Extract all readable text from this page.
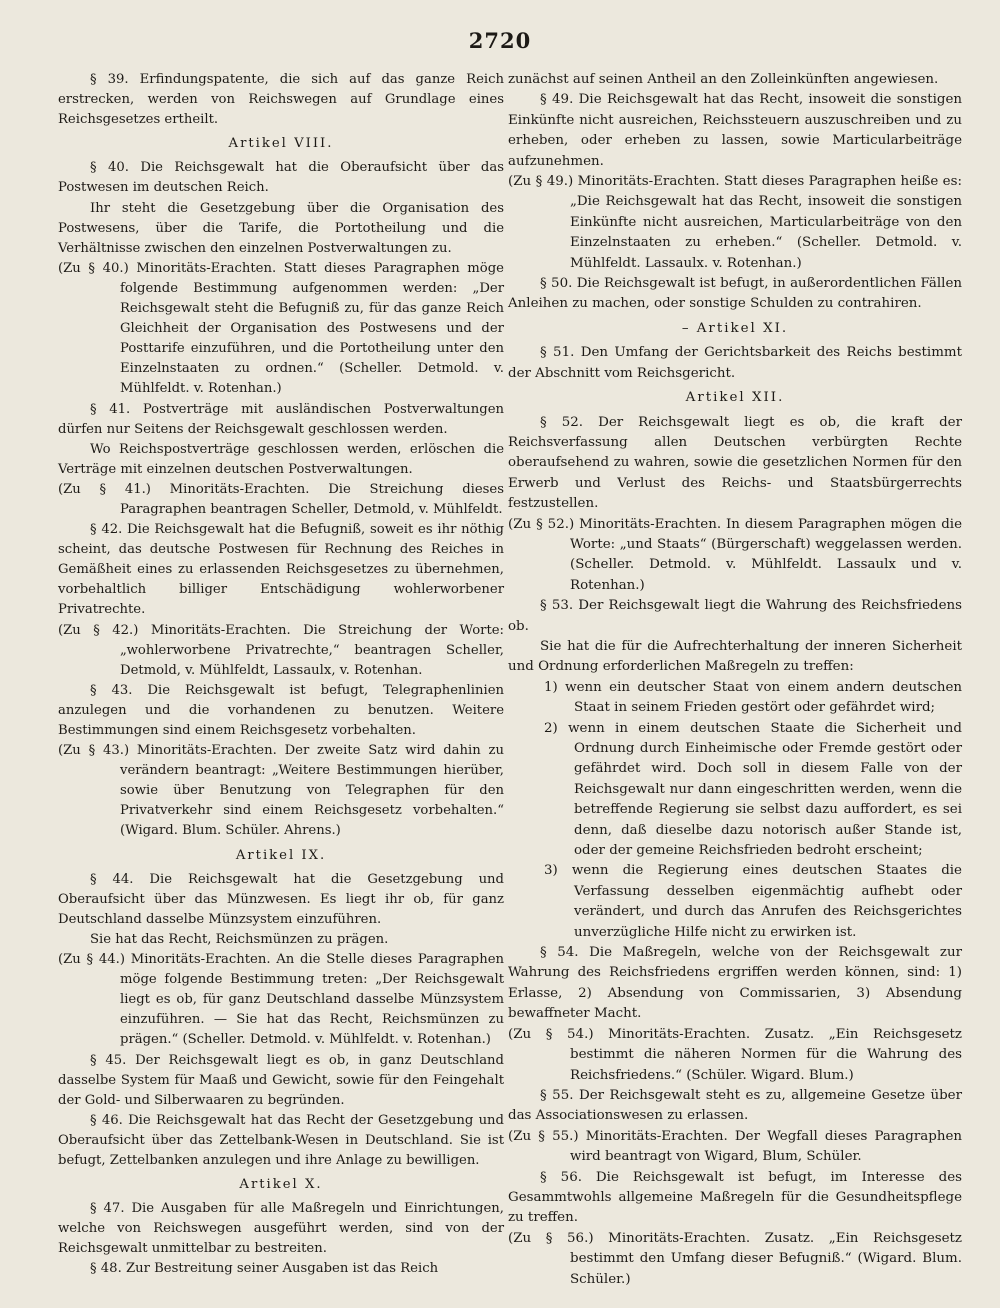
2720
§ 39. Erfindungspatente, die sich auf das ganze Reich erstrecken, werden von Reichswegen auf Grundlage eines Reichsgesetzes ertheilt.
Artikel VIII.
§ 40. Die Reichsgewalt hat die Oberaufsicht über das Postwesen im deutschen Reich.
Ihr steht die Gesetzgebung über die Organisation des Postwesens, über die Tarife, die Portotheilung und die Verhältnisse zwischen den einzelnen Postverwaltungen zu.
(Zu § 40.) Minoritäts-Erachten. Statt dieses Paragraphen möge folgende Bestimmung aufgenommen werden: „Der Reichsgewalt steht die Befugniß zu, für das ganze Reich Gleichheit der Organisation des Postwesens und der Posttarife einzuführen, und die Portotheilung unter den Einzelnstaaten zu ordnen.“ (Scheller. Detmold. v. Mühlfeldt. v. Rotenhan.)
§ 41. Postverträge mit ausländischen Postverwaltungen dürfen nur Seitens der Reichsgewalt geschlossen werden.
Wo Reichspostverträge geschlossen werden, erlöschen die Verträge mit einzelnen deutschen Postverwaltungen.
(Zu § 41.) Minoritäts-Erachten. Die Streichung dieses Paragraphen beantragen Scheller, Detmold, v. Mühlfeldt.
§ 42. Die Reichsgewalt hat die Befugniß, soweit es ihr nöthig scheint, das deutsche Postwesen für Rechnung des Reiches in Gemäßheit eines zu erlassenden Reichsgesetzes zu übernehmen, vorbehaltlich billiger Entschädigung wohlerworbener Privatrechte.
(Zu § 42.) Minoritäts-Erachten. Die Streichung der Worte: „wohlerworbene Privatrechte,“ beantragen Scheller, Detmold, v. Mühlfeldt, Lassaulx, v. Rotenhan.
§ 43. Die Reichsgewalt ist befugt, Telegraphenlinien anzulegen und die vorhandenen zu benutzen. Weitere Bestimmungen sind einem Reichsgesetz vorbehalten.
(Zu § 43.) Minoritäts-Erachten. Der zweite Satz wird dahin zu verändern beantragt: „Weitere Bestimmungen hierüber, sowie über Benutzung von Telegraphen für den Privatverkehr sind einem Reichsgesetz vorbehalten.“ (Wigard. Blum. Schüler. Ahrens.)
Artikel IX.
§ 44. Die Reichsgewalt hat die Gesetzgebung und Oberaufsicht über das Münzwesen. Es liegt ihr ob, für ganz Deutschland dasselbe Münzsystem einzuführen.
Sie hat das Recht, Reichsmünzen zu prägen.
(Zu § 44.) Minoritäts-Erachten. An die Stelle dieses Paragraphen möge folgende Bestimmung treten: „Der Reichsgewalt liegt es ob, für ganz Deutschland dasselbe Münzsystem einzuführen. — Sie hat das Recht, Reichsmünzen zu prägen.“ (Scheller. Detmold. v. Mühlfeldt. v. Rotenhan.)
§ 45. Der Reichsgewalt liegt es ob, in ganz Deutschland dasselbe System für Maaß und Gewicht, sowie für den Feingehalt der Gold- und Silberwaaren zu begründen.
§ 46. Die Reichsgewalt hat das Recht der Gesetzgebung und Oberaufsicht über das Zettelbank-Wesen in Deutschland. Sie ist befugt, Zettelbanken anzulegen und ihre Anlage zu bewilligen.
Artikel X.
§ 47. Die Ausgaben für alle Maßregeln und Einrichtungen, welche von Reichswegen ausgeführt werden, sind von der Reichsgewalt unmittelbar zu bestreiten.
§ 48. Zur Bestreitung seiner Ausgaben ist das Reich
zunächst auf seinen Antheil an den Zolleinkünften angewiesen.
§ 49. Die Reichsgewalt hat das Recht, insoweit die sonstigen Einkünfte nicht ausreichen, Reichssteuern auszuschreiben und zu erheben, oder erheben zu lassen, sowie Marticularbeiträge aufzunehmen.
(Zu § 49.) Minoritäts-Erachten. Statt dieses Paragraphen heiße es: „Die Reichsgewalt hat das Recht, insoweit die sonstigen Einkünfte nicht ausreichen, Marticularbeiträge von den Einzelnstaaten zu erheben.“ (Scheller. Detmold. v. Mühlfeldt. Lassaulx. v. Rotenhan.)
§ 50. Die Reichsgewalt ist befugt, in außerordentlichen Fällen Anleihen zu machen, oder sonstige Schulden zu contrahiren.
– Artikel XI.
§ 51. Den Umfang der Gerichtsbarkeit des Reichs bestimmt der Abschnitt vom Reichsgericht.
Artikel XII.
§ 52. Der Reichsgewalt liegt es ob, die kraft der Reichsverfassung allen Deutschen verbürgten Rechte oberaufsehend zu wahren, sowie die gesetzlichen Normen für den Erwerb und Verlust des Reichs- und Staatsbürgerrechts festzustellen.
(Zu § 52.) Minoritäts-Erachten. In diesem Paragraphen mögen die Worte: „und Staats“ (Bürgerschaft) weggelassen werden. (Scheller. Detmold. v. Mühlfeldt. Lassaulx und v. Rotenhan.)
§ 53. Der Reichsgewalt liegt die Wahrung des Reichsfriedens ob.
Sie hat die für die Aufrechterhaltung der inneren Sicherheit und Ordnung erforderlichen Maßregeln zu treffen:
1) wenn ein deutscher Staat von einem andern deutschen Staat in seinem Frieden gestört oder gefährdet wird;
2) wenn in einem deutschen Staate die Sicherheit und Ordnung durch Einheimische oder Fremde gestört oder gefährdet wird. Doch soll in diesem Falle von der Reichsgewalt nur dann eingeschritten werden, wenn die betreffende Regierung sie selbst dazu auffordert, es sei denn, daß dieselbe dazu notorisch außer Stande ist, oder der gemeine Reichsfrieden bedroht erscheint;
3) wenn die Regierung eines deutschen Staates die Verfassung desselben eigenmächtig aufhebt oder verändert, und durch das Anrufen des Reichsgerichtes unverzügliche Hilfe nicht zu erwirken ist.
§ 54. Die Maßregeln, welche von der Reichsgewalt zur Wahrung des Reichsfriedens ergriffen werden können, sind: 1) Erlasse, 2) Absendung von Commissarien, 3) Absendung bewaffneter Macht.
(Zu § 54.) Minoritäts-Erachten. Zusatz. „Ein Reichsgesetz bestimmt die näheren Normen für die Wahrung des Reichsfriedens.“ (Schüler. Wigard. Blum.)
§ 55. Der Reichsgewalt steht es zu, allgemeine Gesetze über das Associationswesen zu erlassen.
(Zu § 55.) Minoritäts-Erachten. Der Wegfall dieses Paragraphen wird beantragt von Wigard, Blum, Schüler.
§ 56. Die Reichsgewalt ist befugt, im Interesse des Gesammtwohls allgemeine Maßregeln für die Gesundheitspflege zu treffen.
(Zu § 56.) Minoritäts-Erachten. Zusatz. „Ein Reichsgesetz bestimmt den Umfang dieser Befugniß.“ (Wigard. Blum. Schüler.)
